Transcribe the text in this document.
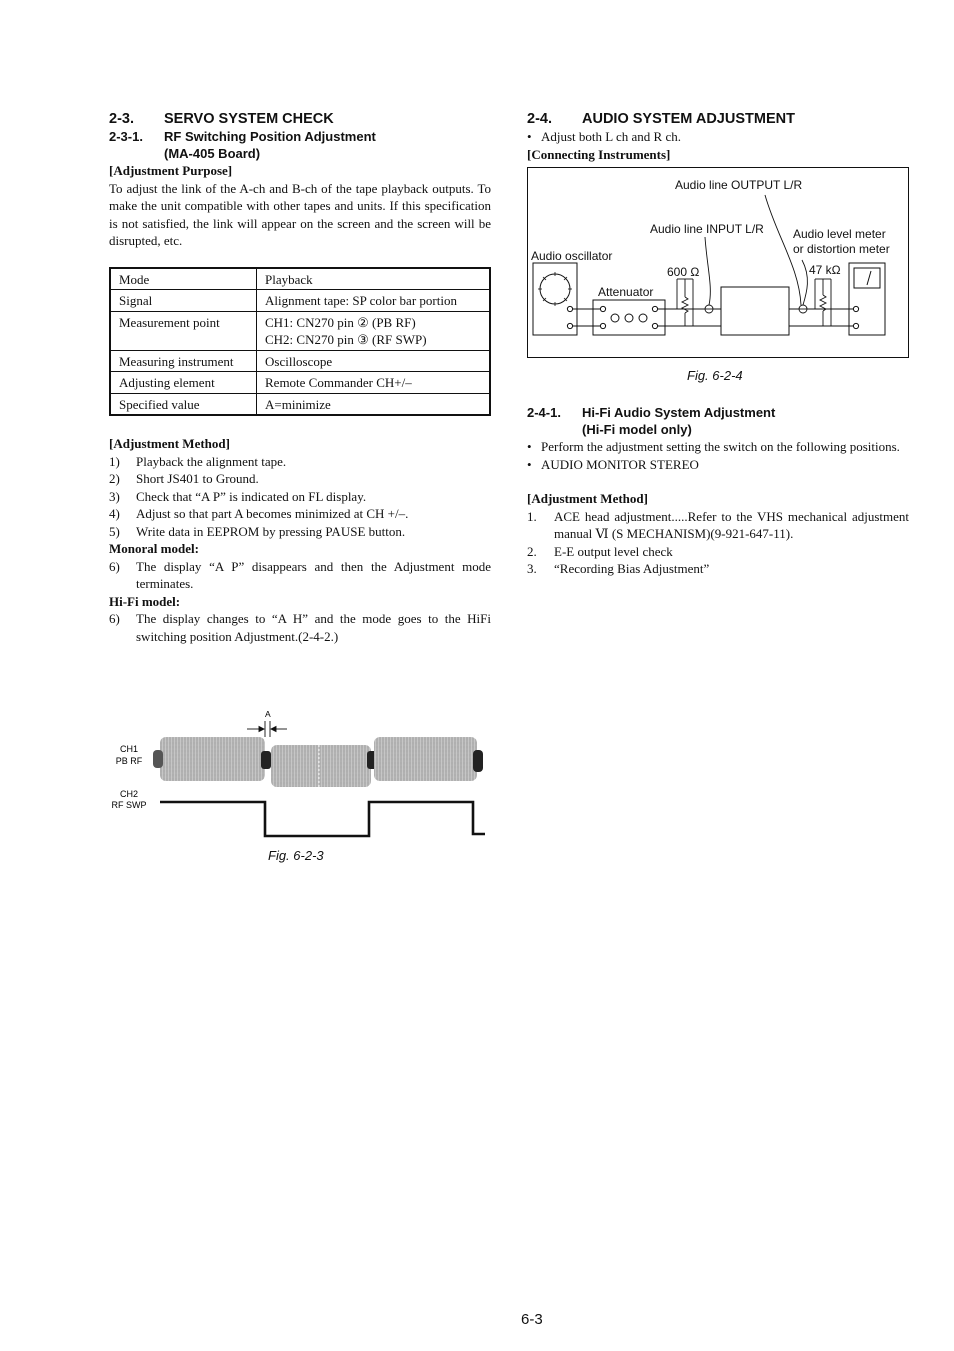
2-3.	SERVO SYSTEM CHECK
2-3-1.	RF Switching Position Adjustment
(MA-405 Board)
[Adjustment Purpose]

To adjust the link of the A-ch and B-ch of the tape playback outputs. To make the unit compatible with other tapes and units. If this specification is not satisfied, the link will appear on the screen and the screen will be disrupted, etc.

Mode	Playback
Signal	Alignment tape: SP color bar portion
Measurement point	CH1: CN270 pin ② (PB RF)
CH2: CN270 pin ③ (RF SWP)
Measuring instrument	Oscilloscope
Adjusting element	Remote Commander CH+/–
Specified value	A=minimize
[Adjustment Method]
1)	Playback the alignment tape.
2)	Short JS401 to Ground.
3)	Check that “A P” is indicated on FL display.
4)	Adjust so that part A becomes minimized at CH +/–.
5)	Write data in EEPROM by pressing PAUSE button.
Monoral model:
6)	The display “A P” disappears and then the Adjustment mode terminates.
Hi-Fi model:
6)	The display changes to “A H” and the mode goes to the HiFi switching position Adjustment.(2-4-2.)
A
CH1
PB RF
CH2
RF SWP
Fig. 6-2-3
2-4.	AUDIO SYSTEM ADJUSTMENT
• Adjust both L ch and R ch.
[Connecting Instruments]
Audio line OUTPUT L/R
Audio line INPUT L/R Audio level meter
or distortion meter
Audio oscillator
600 Ω	47 kΩ
Attenuator
Fig. 6-2-4
2-4-1.	Hi-Fi Audio System Adjustment
(Hi-Fi model only)
• Perform the adjustment setting the switch on the following positions.
• AUDIO MONITOR STEREO
[Adjustment Method]
1.	ACE head adjustment.....Refer to the VHS mechanical adjustment manual Ⅵ (S MECHANISM)(9-921-647-11).
2.	E-E output level check
3.	“Recording Bias Adjustment”
6-3
